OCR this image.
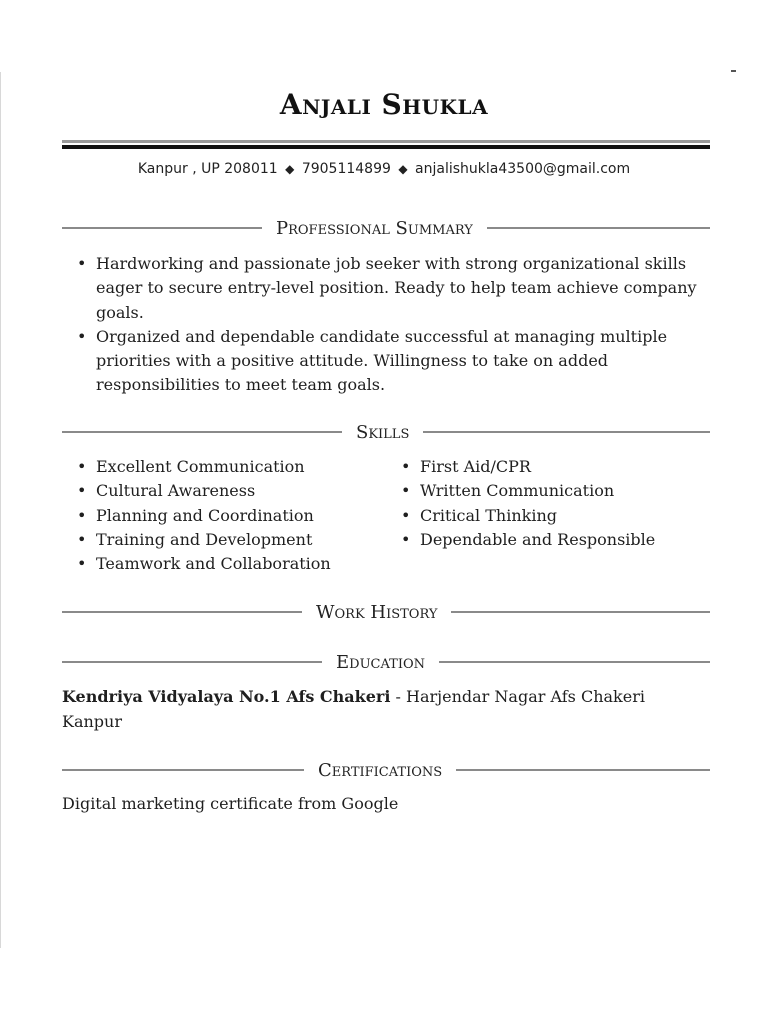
Anjali Shukla
Kanpur , UP 208011 ◆ 7905114899 ◆ anjalishukla43500@gmail.com
Professional Summary
• Hardworking and passionate job seeker with strong organizational skills eager to secure entry-level position. Ready to help team achieve company goals.
• Organized and dependable candidate successful at managing multiple priorities with a positive attitude. Willingness to take on added responsibilities to meet team goals.
Skills
• Excellent Communication
• Cultural Awareness
• Planning and Coordination
• Training and Development
• Teamwork and Collaboration
• First Aid/CPR
• Written Communication
• Critical Thinking
• Dependable and Responsible
Work History
Education
Kendriya Vidyalaya No.1 Afs Chakeri - Harjendar Nagar Afs Chakeri Kanpur
Certifications
Digital marketing certificate from Google
